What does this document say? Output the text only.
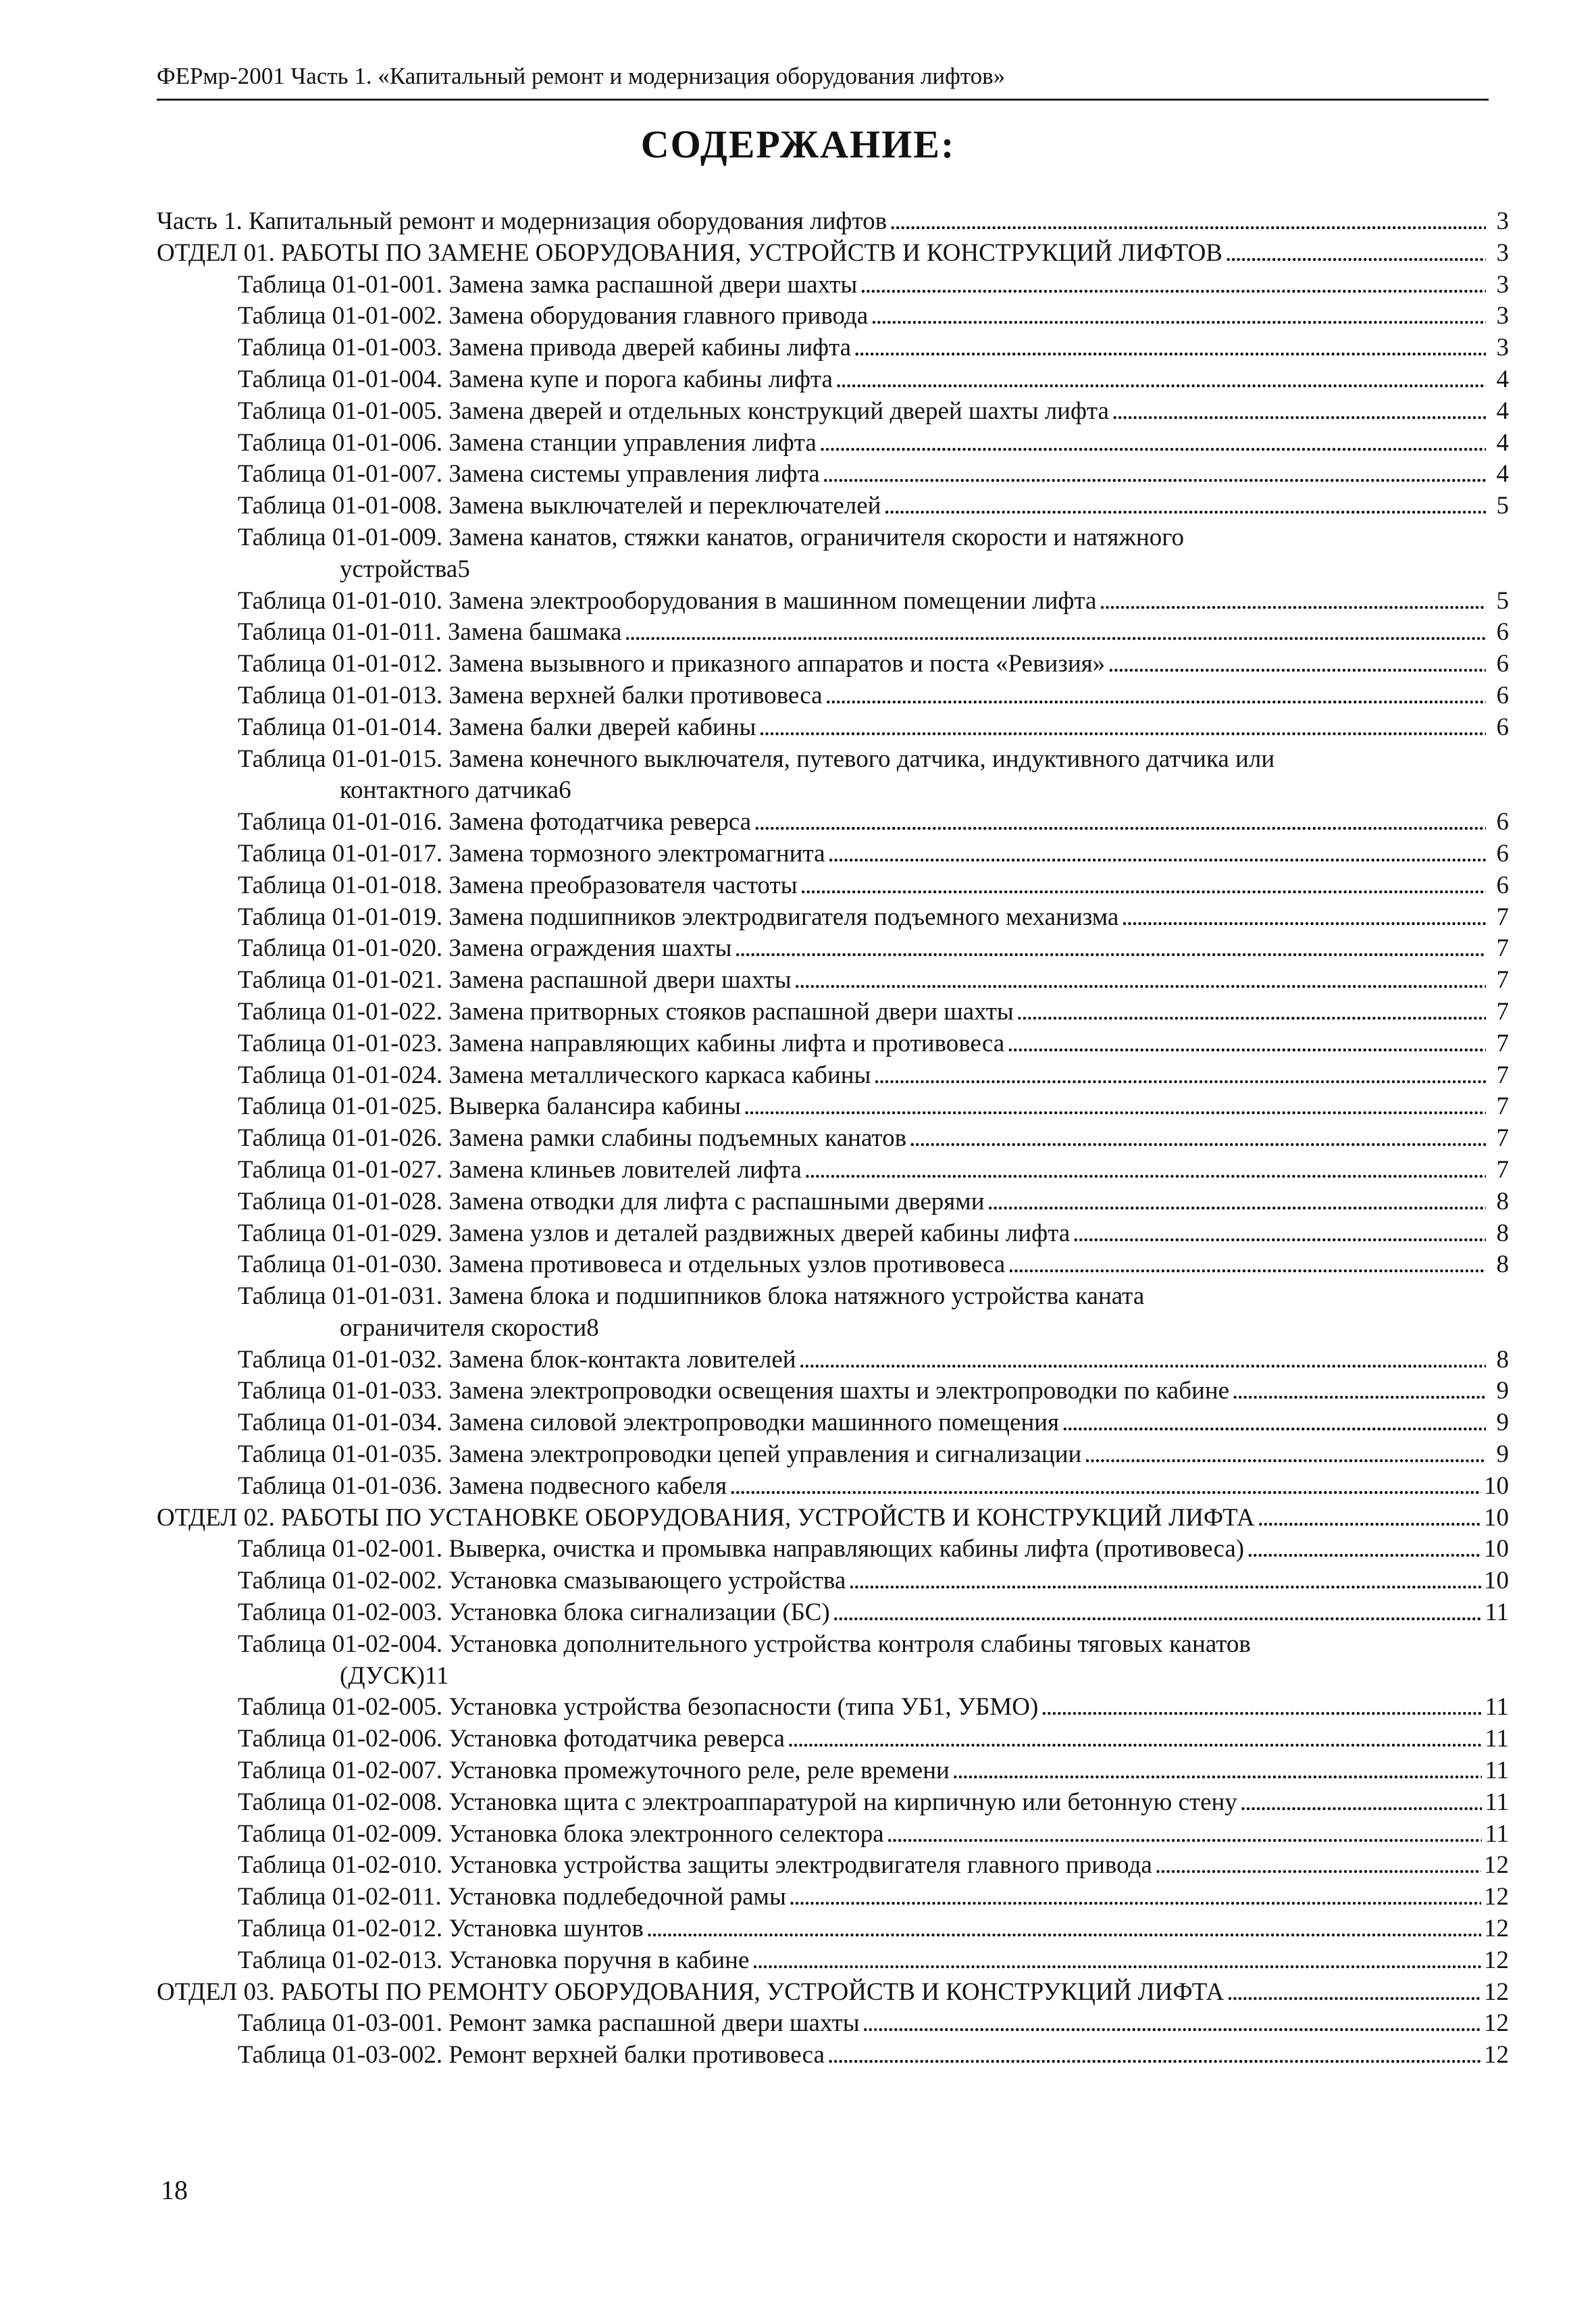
ФЕРмр-2001 Часть 1. «Капитальный ремонт и модернизация оборудования лифтов»
СОДЕРЖАНИЕ:
Часть 1. Капитальный ремонт и модернизация оборудования лифтов . . .	3
ОТДЕЛ 01. РАБОТЫ ПО ЗАМЕНЕ ОБОРУДОВАНИЯ, УСТРОЙСТВ И КОНСТРУКЦИЙ ЛИФТОВ . . .	3
Таблица 01-01-001. Замена замка распашной двери шахты . . .	3
Таблица 01-01-002. Замена оборудования главного привода . . .	3
Таблица 01-01-003. Замена привода дверей кабины лифта . . .	3
Таблица 01-01-004. Замена купе и порога кабины лифта . . .	4
Таблица 01-01-005. Замена дверей и отдельных конструкций дверей шахты лифта . . .	4
Таблица 01-01-006. Замена станции управления лифта . . .	4
Таблица 01-01-007. Замена системы управления лифта . . .	4
Таблица 01-01-008. Замена выключателей и переключателей . . .	5
Таблица 01-01-009. Замена канатов, стяжки канатов, ограничителя скорости и натяжного
устройства 5
Таблица 01-01-010. Замена электрооборудования в машинном помещении лифта . . .	5
Таблица 01-01-011. Замена башмака . . .	6
Таблица 01-01-012. Замена вызывного и приказного аппаратов и поста «Ревизия» . . .	6
Таблица 01-01-013. Замена верхней балки противовеса . . .	6
Таблица 01-01-014. Замена балки дверей кабины . . .	6
Таблица 01-01-015. Замена конечного выключателя, путевого датчика, индуктивного датчика или
контактного датчика 6
Таблица 01-01-016. Замена фотодатчика реверса . . .	6
Таблица 01-01-017. Замена тормозного электромагнита . . .	6
Таблица 01-01-018. Замена преобразователя частоты . . .	6
Таблица 01-01-019. Замена подшипников электродвигателя подъемного механизма . . .	7
Таблица 01-01-020. Замена ограждения шахты . . .	7
Таблица 01-01-021. Замена распашной двери шахты . . .	7
Таблица 01-01-022. Замена притворных стояков распашной двери шахты . . .	7
Таблица 01-01-023. Замена направляющих кабины лифта и противовеса . . .	7
Таблица 01-01-024. Замена металлического каркаса кабины . . .	7
Таблица 01-01-025. Выверка балансира кабины . . .	7
Таблица 01-01-026. Замена рамки слабины подъемных канатов . . .	7
Таблица 01-01-027. Замена клиньев ловителей лифта . . .	7
Таблица 01-01-028. Замена отводки для лифта с распашными дверями . . .	8
Таблица 01-01-029. Замена узлов и деталей раздвижных дверей кабины лифта . . .	8
Таблица 01-01-030. Замена противовеса и отдельных узлов противовеса . . .	8
Таблица 01-01-031. Замена блока и подшипников блока натяжного устройства каната
ограничителя скорости 8
Таблица 01-01-032. Замена блок-контакта ловителей . . .	8
Таблица 01-01-033. Замена электропроводки освещения шахты и электропроводки по кабине . . .	9
Таблица 01-01-034. Замена силовой электропроводки машинного помещения . . .	9
Таблица 01-01-035. Замена электропроводки цепей управления и сигнализации . . .	9
Таблица 01-01-036. Замена подвесного кабеля . . .	10
ОТДЕЛ 02. РАБОТЫ ПО УСТАНОВКЕ ОБОРУДОВАНИЯ, УСТРОЙСТВ И КОНСТРУКЦИЙ ЛИФТА . . .	10
Таблица 01-02-001. Выверка, очистка и промывка направляющих кабины лифта (противовеса) . . .	10
Таблица 01-02-002. Установка смазывающего устройства . . .	10
Таблица 01-02-003. Установка блока сигнализации (БС) . . .	11
Таблица 01-02-004. Установка дополнительного устройства контроля слабины тяговых канатов
(ДУСК) 11
Таблица 01-02-005. Установка устройства безопасности (типа УБ1, УБМО) . . .	11
Таблица 01-02-006. Установка фотодатчика реверса . . .	11
Таблица 01-02-007. Установка промежуточного реле, реле времени . . .	11
Таблица 01-02-008. Установка щита с электроаппаратурой на кирпичную или бетонную стену . . .	11
Таблица 01-02-009. Установка блока электронного селектора . . .	11
Таблица 01-02-010. Установка устройства защиты электродвигателя главного привода . . .	12
Таблица 01-02-011. Установка подлебедочной рамы . . .	12
Таблица 01-02-012. Установка шунтов . . .	12
Таблица 01-02-013. Установка поручня в кабине . . .	12
ОТДЕЛ 03. РАБОТЫ ПО РЕМОНТУ ОБОРУДОВАНИЯ, УСТРОЙСТВ И КОНСТРУКЦИЙ ЛИФТА . . .	12
Таблица 01-03-001. Ремонт замка распашной двери шахты . . .	12
Таблица 01-03-002. Ремонт верхней балки противовеса . . .	12
18
